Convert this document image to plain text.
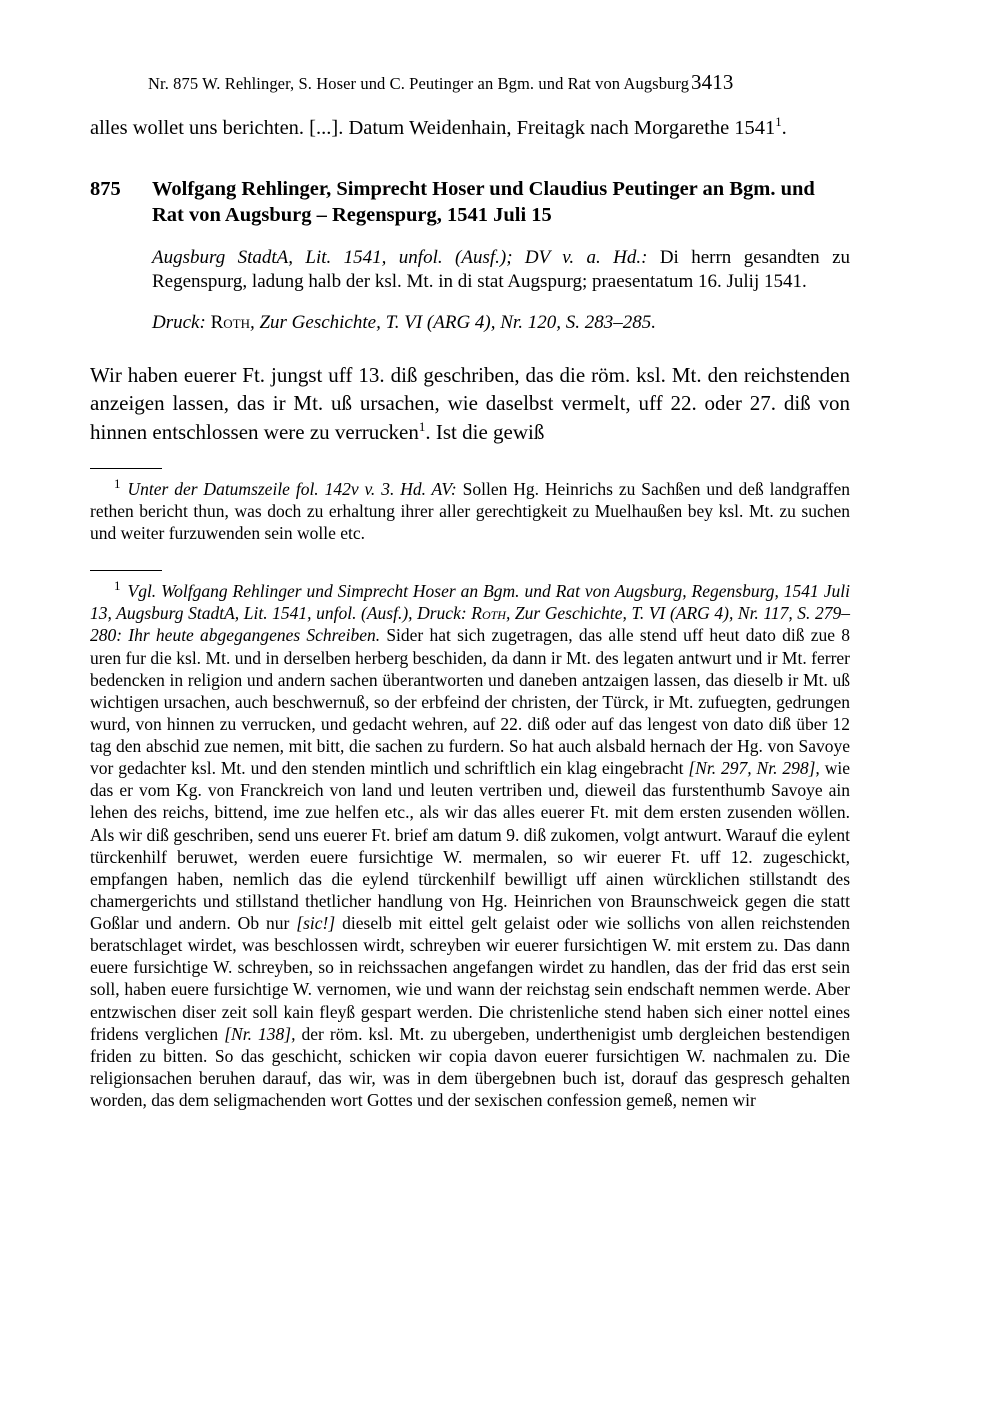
Nr. 875 W. Rehlinger, S. Hoser und C. Peutinger an Bgm. und Rat von Augsburg 3413

alles wollet uns berichten. [...]. Datum Weidenhain, Freitagk nach Morgarethe 1541$^1$.

875	Wolfgang Rehlinger, Simprecht Hoser und Claudius Peutinger an Bgm. und Rat von Augsburg – Regenspurg, 1541 Juli 15
Augsburg StadtA, Lit. 1541, unfol. (Ausf.); DV v. a. Hd.: Di herrn gesandten zu Regenspurg, ladung halb der ksl. Mt. in di stat Augspurg; praesentatum 16. Julij 1541.
Druck: Roth, Zur Geschichte, T. VI (ARG 4), Nr. 120, S. 283–285.

Wir haben euerer Ft. jungst uff 13. diß geschriben, das die röm. ksl. Mt. den reichstenden anzeigen lassen, das ir Mt. uß ursachen, wie daselbst vermelt, uff 22. oder 27. diß von hinnen entschlossen were zu verrucken$^1$. Ist die gewiß

$^1$ Unter der Datumszeile fol. 142v v. 3. Hd. AV: Sollen Hg. Heinrichs zu Sachßen und deß landgraffen rethen bericht thun, was doch zu erhaltung ihrer aller gerechtigkeit zu Muelhaußen bey ksl. Mt. zu suchen und weiter furzuwenden sein wolle etc.
$^1$ Vgl. Wolfgang Rehlinger und Simprecht Hoser an Bgm. und Rat von Augsburg, Regensburg, 1541 Juli 13, Augsburg StadtA, Lit. 1541, unfol. (Ausf.), Druck: Roth, Zur Geschichte, T. VI (ARG 4), Nr. 117, S. 279–280: Ihr heute abgegangenes Schreiben. Sider hat sich zugetragen, das alle stend uff heut dato diß zue 8 uren fur die ksl. Mt. und in derselben herberg beschiden, da dann ir Mt. des legaten antwurt und ir Mt. ferrer bedencken in religion und andern sachen überantworten und daneben antzaigen lassen, das dieselb ir Mt. uß wichtigen ursachen, auch beschwernuß, so der erbfeind der christen, der Türck, ir Mt. zufuegten, gedrungen wurd, von hinnen zu verrucken, und gedacht wehren, auf 22. diß oder auf das lengest von dato diß über 12 tag den abschid zue nemen, mit bitt, die sachen zu furdern. So hat auch alsbald hernach der Hg. von Savoye vor gedachter ksl. Mt. und den stenden mintlich und schriftlich ein klag eingebracht [Nr. 297, Nr. 298], wie das er vom Kg. von Franckreich von land und leuten vertriben und, dieweil das furstenthumb Savoye ain lehen des reichs, bittend, ime zue helfen etc., als wir das alles euerer Ft. mit dem ersten zusenden wöllen. Als wir diß geschriben, send uns euerer Ft. brief am datum 9. diß zukomen, volgt antwurt. Warauf die eylent türckenhilf beruwet, werden euere fursichtige W. mermalen, so wir euerer Ft. uff 12. zugeschickt, empfangen haben, nemlich das die eylend türckenhilf bewilligt uff ainen würcklichen stillstandt des chamergerichts und stillstand thetlicher handlung von Hg. Heinrichen von Braunschweick gegen die statt Goßlar und andern. Ob nur [sic!] dieselb mit eittel gelt gelaist oder wie sollichs von allen reichstenden beratschlaget wirdet, was beschlossen wirdt, schreyben wir euerer fursichtigen W. mit erstem zu. Das dann euere fursichtige W. schreyben, so in reichssachen angefangen wirdet zu handlen, das der frid das erst sein soll, haben euere fursichtige W. vernomen, wie und wann der reichstag sein endschaft nemmen werde. Aber entzwischen diser zeit soll kain fleyß gespart werden. Die christenliche stend haben sich einer nottel eines fridens verglichen [Nr. 138], der röm. ksl. Mt. zu ubergeben, underthenigist umb dergleichen bestendigen friden zu bitten. So das geschicht, schicken wir copia davon euerer fursichtigen W. nachmalen zu. Die religionsachen beruhen darauf, das wir, was in dem übergebnen buch ist, dorauf das gespresch gehalten worden, das dem seligmachenden wort Gottes und der sexischen confession gemeß, nemen wir
